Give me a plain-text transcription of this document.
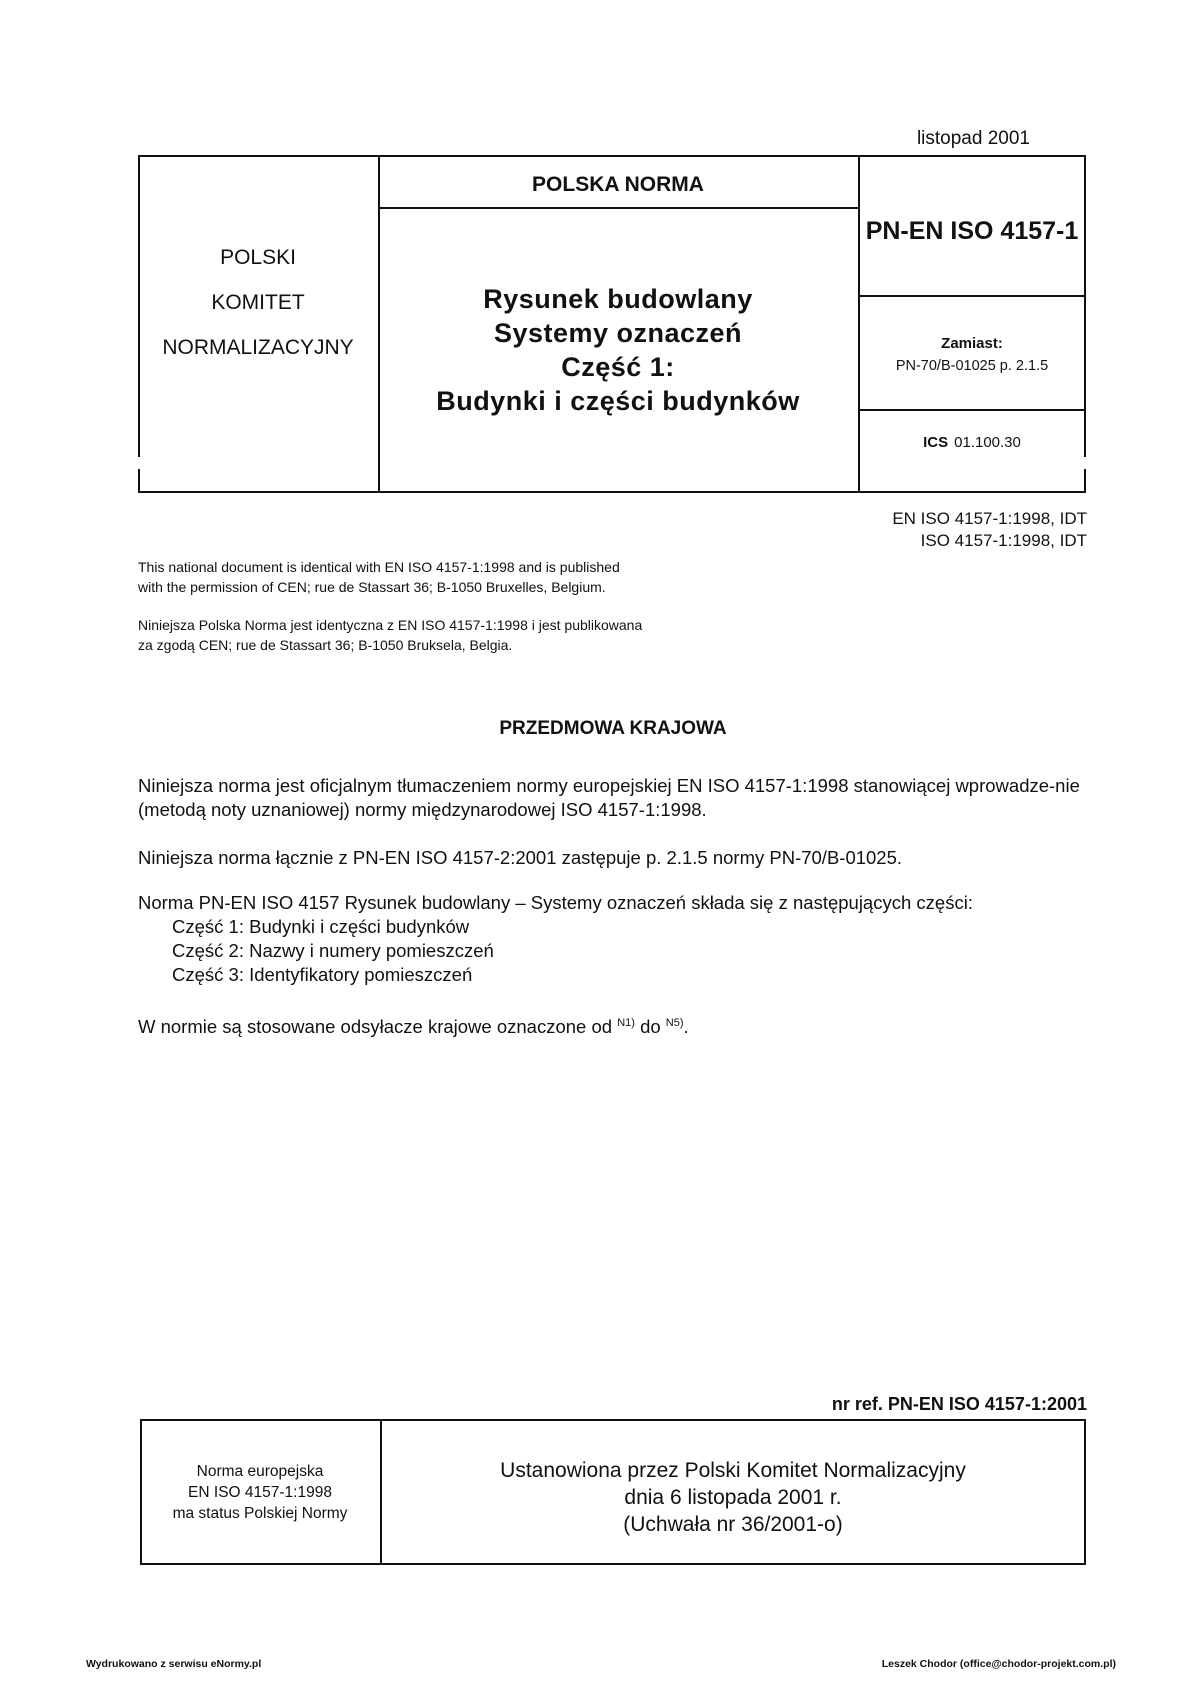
listopad 2001
POLSKI
KOMITET
NORMALIZACYJNY
POLSKA NORMA
Rysunek budowlany
Systemy oznaczeń
Część 1:
Budynki i części budynków
PN-EN ISO 4157-1
Zamiast:
PN-70/B-01025 p. 2.1.5
ICS 01.100.30
EN ISO 4157-1:1998, IDT
ISO 4157-1:1998, IDT
This national document is identical with EN ISO 4157-1:1998 and is published
with the permission of CEN; rue de Stassart 36; B-1050 Bruxelles, Belgium.
Niniejsza Polska Norma jest identyczna z EN ISO 4157-1:1998 i jest publikowana
za zgodą CEN; rue de Stassart 36; B-1050 Bruksela, Belgia.
PRZEDMOWA KRAJOWA
Niniejsza norma jest oficjalnym tłumaczeniem normy europejskiej EN ISO 4157-1:1998 stanowiącej wprowadze-nie (metodą noty uznaniowej) normy międzynarodowej ISO 4157-1:1998.
Niniejsza norma łącznie z PN-EN ISO 4157-2:2001 zastępuje p. 2.1.5 normy PN-70/B-01025.
Norma PN-EN ISO 4157 Rysunek budowlany – Systemy oznaczeń składa się z następujących części:
Część 1: Budynki i części budynków
Część 2: Nazwy i numery pomieszczeń
Część 3: Identyfikatory pomieszczeń
W normie są stosowane odsyłacze krajowe oznaczone od $^{N1)}$ do $^{N5)}$.
nr ref. PN-EN ISO 4157-1:2001
Norma europejska
EN ISO 4157-1:1998
ma status Polskiej Normy
Ustanowiona przez Polski Komitet Normalizacyjny
dnia 6 listopada 2001 r.
(Uchwała nr 36/2001-o)
Wydrukowano z serwisu eNormy.pl	Leszek Chodor (office@chodor-projekt.com.pl)
